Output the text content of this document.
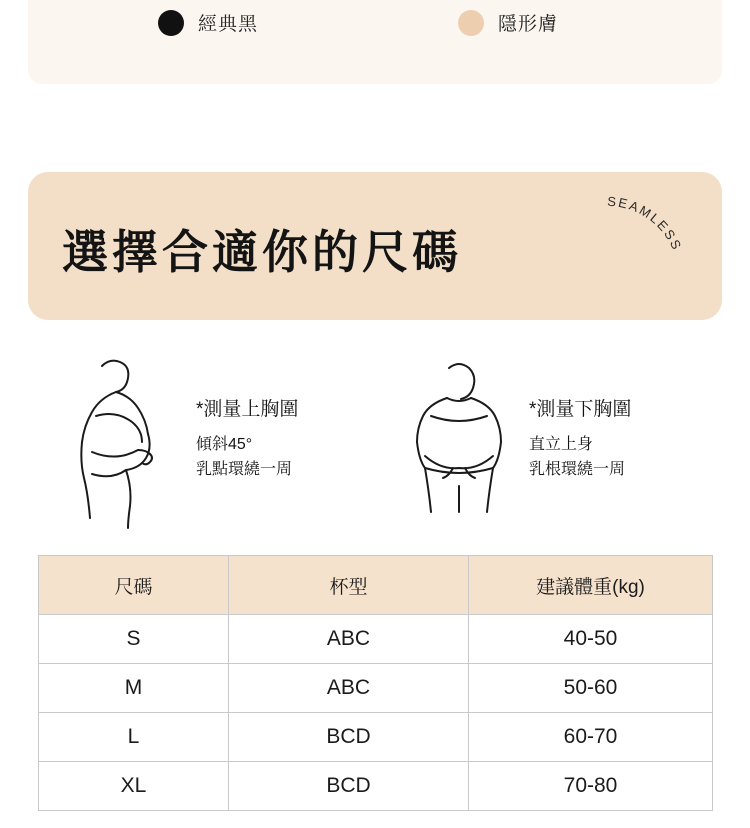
經典黑	隱形膚
選擇合適你的尺碼
SEAMLESS
*測量上胸圍
傾斜45°
乳點環繞一周
*測量下胸圍
直立上身
乳根環繞一周
尺碼	杯型	建議體重(kg)
S	ABC	40-50
M	ABC	50-60
L	BCD	60-70
XL	BCD	70-80
